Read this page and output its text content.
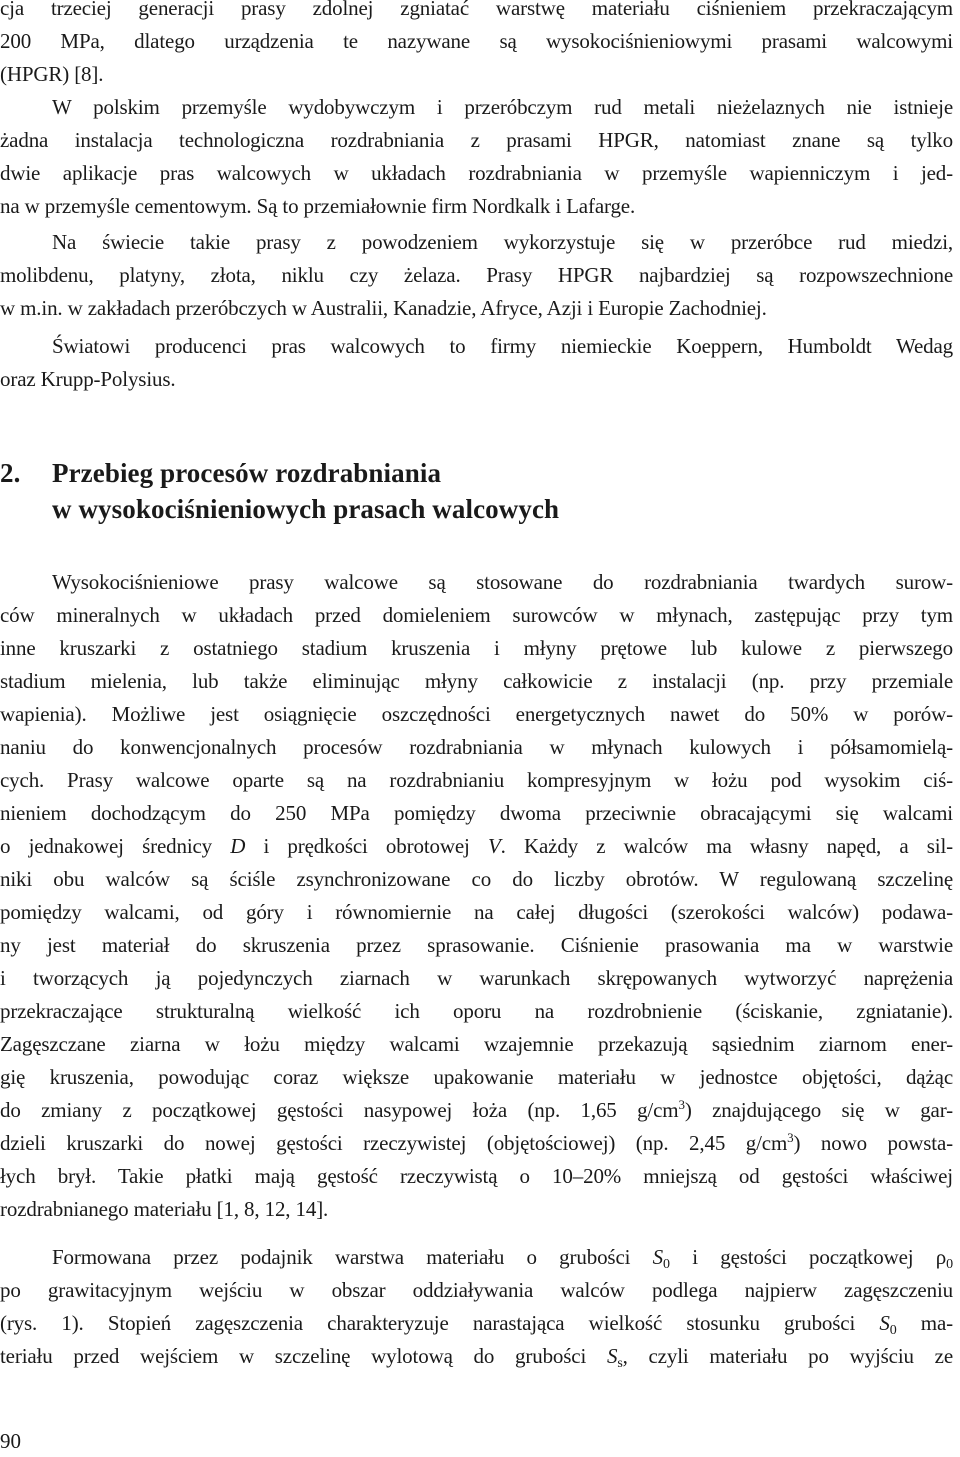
cja trzeciej generacji prasy zdolnej zgniatać warstwę materiału ciśnieniem przekraczającym
200 MPa, dlatego urządzenia te nazywane są wysokociśnieniowymi prasami walcowymi
(HPGR) [8].
W polskim przemyśle wydobywczym i przeróbczym rud metali nieżelaznych nie istnieje
żadna instalacja technologiczna rozdrabniania z prasami HPGR, natomiast znane są tylko
dwie aplikacje pras walcowych w układach rozdrabniania w przemyśle wapienniczym i jed-
na w przemyśle cementowym. Są to przemiałownie firm Nordkalk i Lafarge.
Na świecie takie prasy z powodzeniem wykorzystuje się w przeróbce rud miedzi,
molibdenu, platyny, złota, niklu czy żelaza. Prasy HPGR najbardziej są rozpowszechnione
w m.in. w zakładach przeróbczych w Australii, Kanadzie, Afryce, Azji i Europie Zachodniej.
Światowi producenci pras walcowych to firmy niemieckie Koeppern, Humboldt Wedag
oraz Krupp-Polysius.
2. Przebieg procesów rozdrabniania
w wysokociśnieniowych prasach walcowych
Wysokociśnieniowe prasy walcowe są stosowane do rozdrabniania twardych surow-
ców mineralnych w układach przed domieleniem surowców w młynach, zastępując przy tym
inne kruszarki z ostatniego stadium kruszenia i młyny prętowe lub kulowe z pierwszego
stadium mielenia, lub także eliminując młyny całkowicie z instalacji (np. przy przemiale
wapienia). Możliwe jest osiągnięcie oszczędności energetycznych nawet do 50% w porów-
naniu do konwencjonalnych procesów rozdrabniania w młynach kulowych i półsamomielą-
cych. Prasy walcowe oparte są na rozdrabnianiu kompresyjnym w łożu pod wysokim ciś-
nieniem dochodzącym do 250 MPa pomiędzy dwoma przeciwnie obracającymi się walcami
o jednakowej średnicy D i prędkości obrotowej V. Każdy z walców ma własny napęd, a sil-
niki obu walców są ściśle zsynchronizowane co do liczby obrotów. W regulowaną szczelinę
pomiędzy walcami, od góry i równomiernie na całej długości (szerokości walców) podawa-
ny jest materiał do skruszenia przez sprasowanie. Ciśnienie prasowania ma w warstwie
i tworzących ją pojedynczych ziarnach w warunkach skrępowanych wytworzyć naprężenia
przekraczające strukturalną wielkość ich oporu na rozdrobnienie (ściskanie, zgniatanie).
Zagęszczane ziarna w łożu między walcami wzajemnie przekazują sąsiednim ziarnom ener-
gię kruszenia, powodując coraz większe upakowanie materiału w jednostce objętości, dążąc
do zmiany z początkowej gęstości nasypowej łoża (np. 1,65 $g/cm^3$) znajdującego się w gar-
dzieli kruszarki do nowej gęstości rzeczywistej (objętościowej) (np. 2,45 $g/cm^3$) nowo powsta-
łych brył. Takie płatki mają gęstość rzeczywistą o 10–20% mniejszą od gęstości właściwej
rozdrabnianego materiału [1, 8, 12, 14].
Formowana przez podajnik warstwa materiału o grubości $S_0$ i gęstości początkowej $\rho_0$
po grawitacyjnym wejściu w obszar oddziaływania walców podlega najpierw zagęszczeniu
(rys. 1). Stopień zagęszczenia charakteryzuje narastająca wielkość stosunku grubości $S_0$ ma-
teriału przed wejściem w szczelinę wylotową do grubości $S_s$, czyli materiału po wyjściu ze
90
